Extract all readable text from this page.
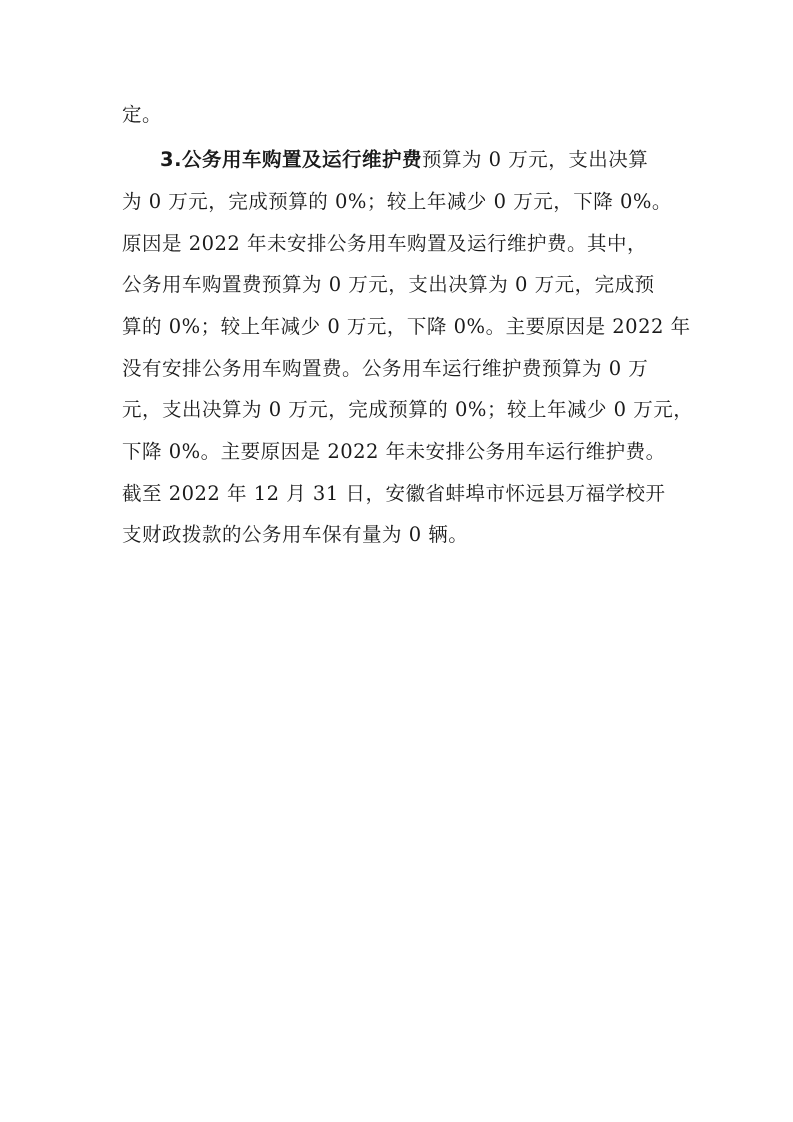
定。
3.公务用车购置及运行维护费预算为 0 万元，支出决算
为 0 万元，完成预算的 0%；较上年减少 0 万元，下降 0%。
原因是 2022 年未安排公务用车购置及运行维护费。其中，
公务用车购置费预算为 0 万元，支出决算为 0 万元，完成预
算的 0%；较上年减少 0 万元，下降 0%。主要原因是 2022 年
没有安排公务用车购置费。公务用车运行维护费预算为 0 万
元，支出决算为 0 万元，完成预算的 0%；较上年减少 0 万元，
下降 0%。主要原因是 2022 年未安排公务用车运行维护费。
截至 2022 年 12 月 31 日，安徽省蚌埠市怀远县万福学校开
支财政拨款的公务用车保有量为 0 辆。
